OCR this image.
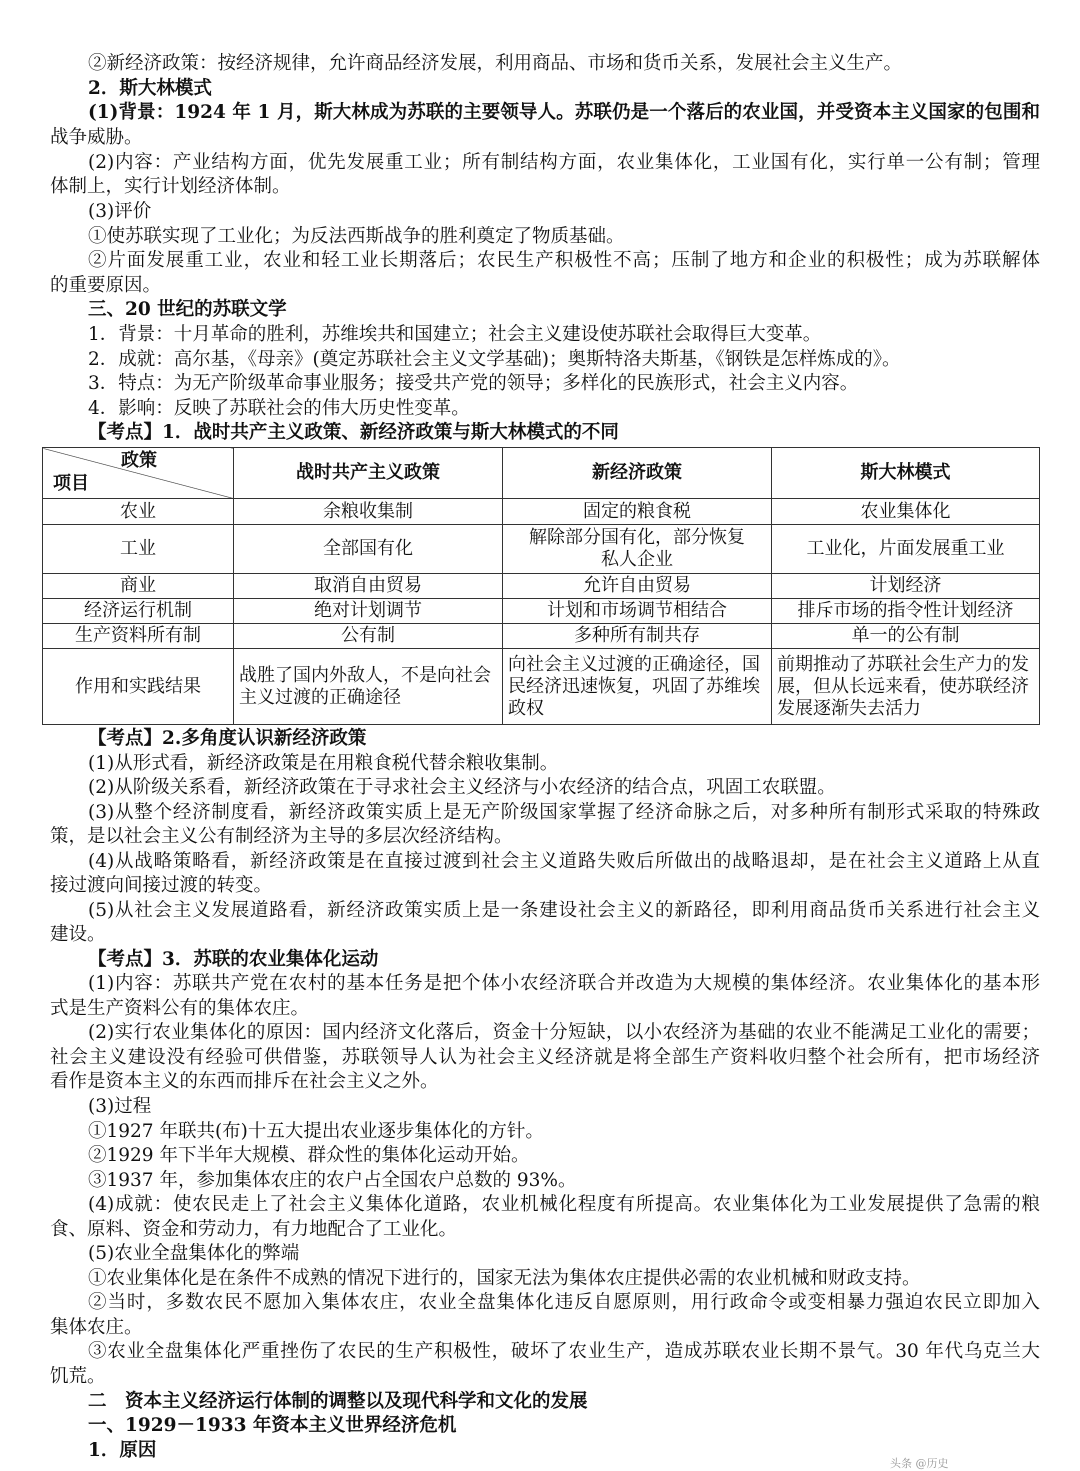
②新经济政策：按经济规律，允许商品经济发展，利用商品、市场和货币关系，发展社会主义生产。
2．斯大林模式
(1)背景：1924 年 1 月，斯大林成为苏联的主要领导人。苏联仍是一个落后的农业国，并受资本主义国家的包围和
战争威胁。
(2)内容：产业结构方面，优先发展重工业；所有制结构方面，农业集体化，工业国有化，实行单一公有制；管理
体制上，实行计划经济体制。
(3)评价
①使苏联实现了工业化；为反法西斯战争的胜利奠定了物质基础。
②片面发展重工业，农业和轻工业长期落后；农民生产积极性不高；压制了地方和企业的积极性；成为苏联解体
的重要原因。
三、20 世纪的苏联文学
1．背景：十月革命的胜利，苏维埃共和国建立；社会主义建设使苏联社会取得巨大变革。
2．成就：高尔基，《母亲》(奠定苏联社会主义文学基础)；奥斯特洛夫斯基，《钢铁是怎样炼成的》。
3．特点：为无产阶级革命事业服务；接受共产党的领导；多样化的民族形式，社会主义内容。
4．影响：反映了苏联社会的伟大历史性变革。
【考点】1．战时共产主义政策、新经济政策与斯大林模式的不同
政策
项目	战时共产主义政策	新经济政策	斯大林模式
农业	余粮收集制	固定的粮食税	农业集体化
工业	全部国有化	解除部分国有化，部分恢复私人企业	工业化，片面发展重工业
商业	取消自由贸易	允许自由贸易	计划经济
经济运行机制	绝对计划调节	计划和市场调节相结合	排斥市场的指令性计划经济
生产资料所有制	公有制	多种所有制共存	单一的公有制
作用和实践结果	战胜了国内外敌人，不是向社会主义过渡的正确途径	向社会主义过渡的正确途径，国民经济迅速恢复，巩固了苏维埃政权	前期推动了苏联社会生产力的发展，但从长远来看，使苏联经济发展逐渐失去活力
【考点】2.多角度认识新经济政策
(1)从形式看，新经济政策是在用粮食税代替余粮收集制。
(2)从阶级关系看，新经济政策在于寻求社会主义经济与小农经济的结合点，巩固工农联盟。
(3)从整个经济制度看，新经济政策实质上是无产阶级国家掌握了经济命脉之后，对多种所有制形式采取的特殊政
策，是以社会主义公有制经济为主导的多层次经济结构。
(4)从战略策略看，新经济政策是在直接过渡到社会主义道路失败后所做出的战略退却，是在社会主义道路上从直
接过渡向间接过渡的转变。
(5)从社会主义发展道路看，新经济政策实质上是一条建设社会主义的新路径，即利用商品货币关系进行社会主义
建设。
【考点】3．苏联的农业集体化运动
(1)内容：苏联共产党在农村的基本任务是把个体小农经济联合并改造为大规模的集体经济。农业集体化的基本形
式是生产资料公有的集体农庄。
(2)实行农业集体化的原因：国内经济文化落后，资金十分短缺，以小农经济为基础的农业不能满足工业化的需要；
社会主义建设没有经验可供借鉴，苏联领导人认为社会主义经济就是将全部生产资料收归整个社会所有，把市场经济
看作是资本主义的东西而排斥在社会主义之外。
(3)过程
①1927 年联共(布)十五大提出农业逐步集体化的方针。
②1929 年下半年大规模、群众性的集体化运动开始。
③1937 年，参加集体农庄的农户占全国农户总数的 93%。
(4)成就：使农民走上了社会主义集体化道路，农业机械化程度有所提高。农业集体化为工业发展提供了急需的粮
食、原料、资金和劳动力，有力地配合了工业化。
(5)农业全盘集体化的弊端
①农业集体化是在条件不成熟的情况下进行的，国家无法为集体农庄提供必需的农业机械和财政支持。
②当时，多数农民不愿加入集体农庄，农业全盘集体化违反自愿原则，用行政命令或变相暴力强迫农民立即加入
集体农庄。
③农业全盘集体化严重挫伤了农民的生产积极性，破坏了农业生产，造成苏联农业长期不景气。30 年代乌克兰大
饥荒。
二　资本主义经济运行体制的调整以及现代科学和文化的发展
一、1929－1933 年资本主义世界经济危机
1．原因
头条 @历史
